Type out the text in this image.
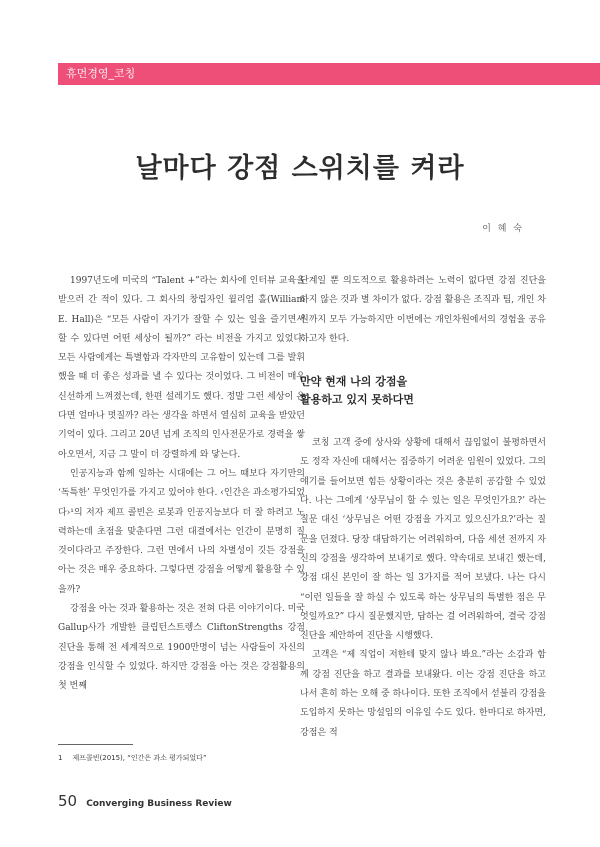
휴먼경영_코칭
날마다 강점 스위치를 켜라
이 혜 숙

1997년도에 미국의 “Talent +”라는 회사에 인터뷰 교육을 받으러 간 적이 있다. 그 회사의 창립자인 윌리엄 홀(William E. Hall)은 “모든 사람이 자기가 잘할 수 있는 일을 즐기면서 할 수 있다면 어떤 세상이 될까?” 라는 비전을 가지고 있었다. 모든 사람에게는 특별함과 각자만의 고유함이 있는데 그를 발휘했을 때 더 좋은 성과를 낼 수 있다는 것이었다. 그 비전이 매우 신선하게 느껴졌는데, 한편 설레기도 했다. 정말 그런 세상이 온다면 얼마나 멋질까? 라는 생각을 하면서 열심히 교육을 받았던 기억이 있다. 그리고 20년 넘게 조직의 인사전문가로 경력을 쌓아오면서, 지금 그 말이 더 강렬하게 와 닿는다.

인공지능과 함께 일하는 시대에는 그 어느 때보다 자기만의 ‘독특한’ 무엇인가를 가지고 있어야 한다. ‹인간은 과소평가되었다›¹의 저자 제프 콜빈은 로봇과 인공지능보다 더 잘 하려고 노력하는데 초점을 맞춘다면 그런 대결에서는 인간이 분명히 질 것이다라고 주장한다. 그런 면에서 나의 차별성이 깃든 강점을 아는 것은 매우 중요하다. 그렇다면 강점을 어떻게 활용할 수 있을까?

강점을 아는 것과 활용하는 것은 전혀 다른 이야기이다. 미국Gallup사가 개발한 클립턴스트렝스 CliftonStrengths 강점진단을 통해 전 세계적으로 1900만명이 넘는 사람들이 자신의 강점을 인식할 수 있었다. 하지만 강점을 아는 것은 강점활용의 첫 번째

단계일 뿐 의도적으로 활용하려는 노력이 없다면 강점 진단을 하지 않은 것과 별 차이가 없다. 강점 활용은 조직과 팀, 개인 차원까지 모두 가능하지만 이번에는 개인차원에서의 경험을 공유하고자 한다.

만약 현재 나의 강점을
활용하고 있지 못하다면

코칭 고객 중에 상사와 상황에 대해서 끊임없이 불평하면서도 정작 자신에 대해서는 집중하기 어려운 임원이 있었다. 그의 얘기를 들어보면 힘든 상황이라는 것은 충분히 공감할 수 있었다. 나는 그에게 ‘상무님이 할 수 있는 일은 무엇인가요?’ 라는 질문 대신 ‘상무님은 어떤 강점을 가지고 있으신가요?’라는 질문을 던졌다. 당장 대답하기는 어려워하여, 다음 세션 전까지 자신의 강점을 생각하여 보내기로 했다. 약속대로 보내긴 했는데, 강점 대신 본인이 잘 하는 일 3가지를 적어 보냈다. 나는 다시 “이런 일들을 잘 하실 수 있도록 하는 상무님의 특별한 점은 무엇일까요?” 다시 질문했지만, 답하는 걸 어려워하여, 결국 강점 진단을 제안하여 진단을 시행했다.

고객은 “제 직업이 저한테 맞지 않나 봐요.”라는 소감과 함께 강점 진단을 하고 결과를 보내왔다. 이는 강점 진단을 하고 나서 흔히 하는 오해 중 하나이다. 또한 조직에서 섣불리 강점을 도입하지 못하는 망설임의 이유일 수도 있다. 한마디로 하자면, 강점은 적

1 제프콜빈(2015), “인간은 과소 평가되었다”
50 Converging Business Review
